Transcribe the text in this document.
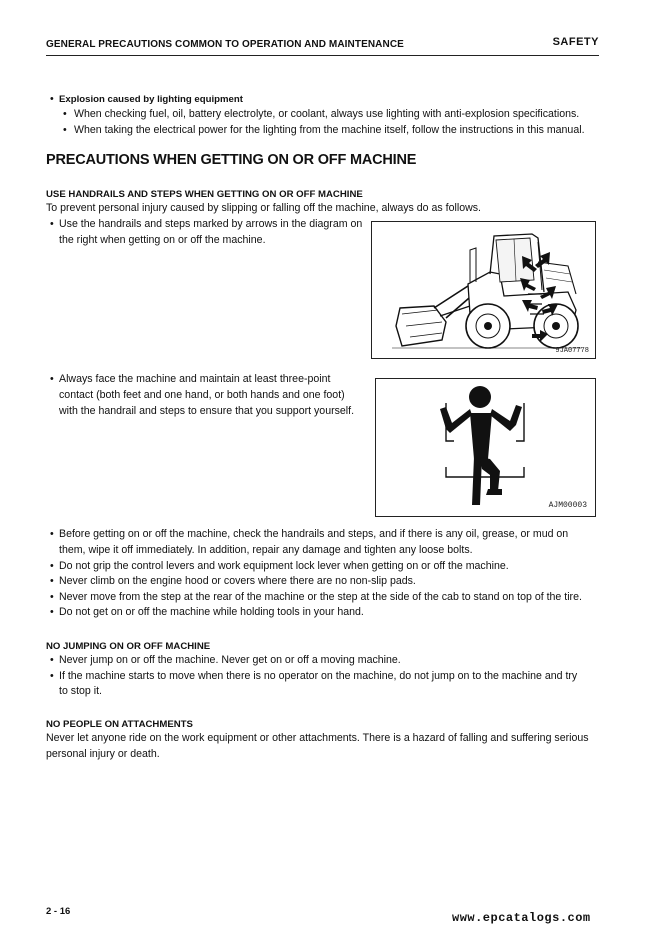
GENERAL PRECAUTIONS COMMON TO OPERATION AND MAINTENANCE	SAFETY
• Explosion caused by lighting equipment
• When checking fuel, oil, battery electrolyte, or coolant, always use lighting with anti-explosion specifications.
• When taking the electrical power for the lighting from the machine itself, follow the instructions in this manual.
PRECAUTIONS WHEN GETTING ON OR OFF MACHINE
USE HANDRAILS AND STEPS WHEN GETTING ON OR OFF MACHINE
To prevent personal injury caused by slipping or falling off the machine, always do as follows.
• Use the handrails and steps marked by arrows in the diagram on
the right when getting on or off the machine.
9JA07778
• Always face the machine and maintain at least three-point
contact (both feet and one hand, or both hands and one foot)
with the handrail and steps to ensure that you support yourself.
AJM00003
• Before getting on or off the machine, check the handrails and steps, and if there is any oil, grease, or mud on
them, wipe it off immediately. In addition, repair any damage and tighten any loose bolts.
• Do not grip the control levers and work equipment lock lever when getting on or off the machine.
• Never climb on the engine hood or covers where there are no non-slip pads.
• Never move from the step at the rear of the machine or the step at the side of the cab to stand on top of the tire.
• Do not get on or off the machine while holding tools in your hand.
NO JUMPING ON OR OFF MACHINE
• Never jump on or off the machine. Never get on or off a moving machine.
• If the machine starts to move when there is no operator on the machine, do not jump on to the machine and try
to stop it.
NO PEOPLE ON ATTACHMENTS
Never let anyone ride on the work equipment or other attachments. There is a hazard of falling and suffering serious
personal injury or death.
2 - 16	www.epcatalogs.com
